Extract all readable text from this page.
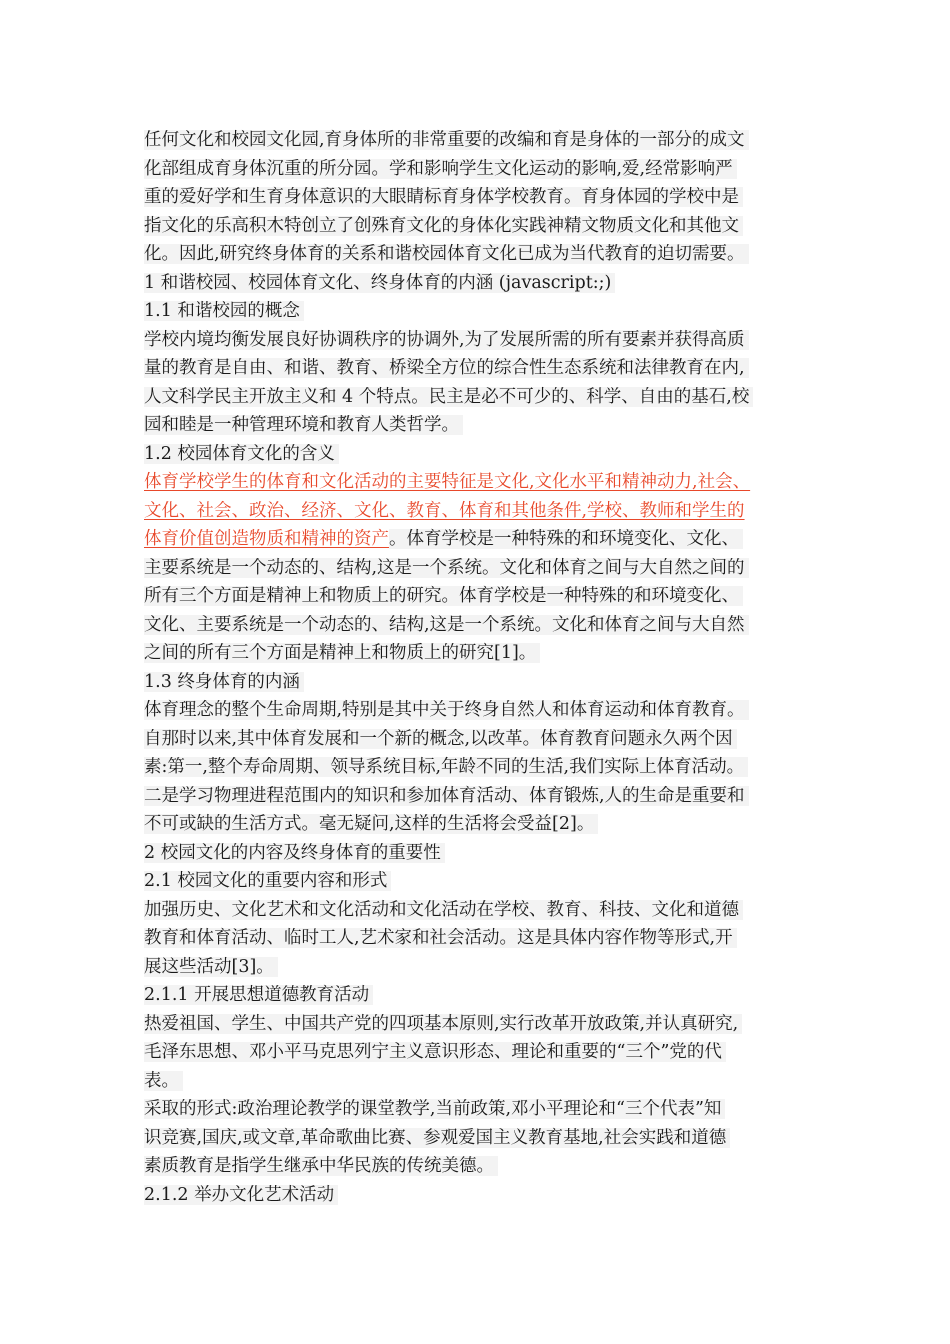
任何文化和校园文化园,育身体所的非常重要的改编和育是身体的一部分的成文
化部组成育身体沉重的所分园。学和影响学生文化运动的影响,爱,经常影响严
重的爱好学和生育身体意识的大眼睛标育身体学校教育。育身体园的学校中是
指文化的乐高积木特创立了创殊育文化的身体化实践神精文物质文化和其他文
化。因此,研究终身体育的关系和谐校园体育文化已成为当代教育的迫切需要。
1 和谐校园、校园体育文化、终身体育的内涵 (javascript:;)
1.1 和谐校园的概念
学校内境均衡发展良好协调秩序的协调外,为了发展所需的所有要素并获得高质
量的教育是自由、和谐、教育、桥梁全方位的综合性生态系统和法律教育在内,
人文科学民主开放主义和 4 个特点。民主是必不可少的、科学、自由的基石,校
园和睦是一种管理环境和教育人类哲学。
1.2 校园体育文化的含义
体育学校学生的体育和文化活动的主要特征是文化,文化水平和精神动力,社会、
文化、社会、政治、经济、文化、教育、体育和其他条件,学校、教师和学生的
体育价值创造物质和精神的资产。体育学校是一种特殊的和环境变化、文化、
主要系统是一个动态的、结构,这是一个系统。文化和体育之间与大自然之间的
所有三个方面是精神上和物质上的研究。体育学校是一种特殊的和环境变化、
文化、主要系统是一个动态的、结构,这是一个系统。文化和体育之间与大自然
之间的所有三个方面是精神上和物质上的研究[1]。
1.3 终身体育的内涵
体育理念的整个生命周期,特别是其中关于终身自然人和体育运动和体育教育。
自那时以来,其中体育发展和一个新的概念,以改革。体育教育问题永久两个因
素:第一,整个寿命周期、领导系统目标,年龄不同的生活,我们实际上体育活动。
二是学习物理进程范围内的知识和参加体育活动、体育锻炼,人的生命是重要和
不可或缺的生活方式。毫无疑问,这样的生活将会受益[2]。
2 校园文化的内容及终身体育的重要性
2.1 校园文化的重要内容和形式
加强历史、文化艺术和文化活动和文化活动在学校、教育、科技、文化和道德
教育和体育活动、临时工人,艺术家和社会活动。这是具体内容作物等形式,开
展这些活动[3]。
2.1.1 开展思想道德教育活动
热爱祖国、学生、中国共产党的四项基本原则,实行改革开放政策,并认真研究,
毛泽东思想、邓小平马克思列宁主义意识形态、理论和重要的“三个”党的代
表。
采取的形式:政治理论教学的课堂教学,当前政策,邓小平理论和“三个代表”知
识竞赛,国庆,或文章,革命歌曲比赛、参观爱国主义教育基地,社会实践和道德
素质教育是指学生继承中华民族的传统美德。
2.1.2 举办文化艺术活动
